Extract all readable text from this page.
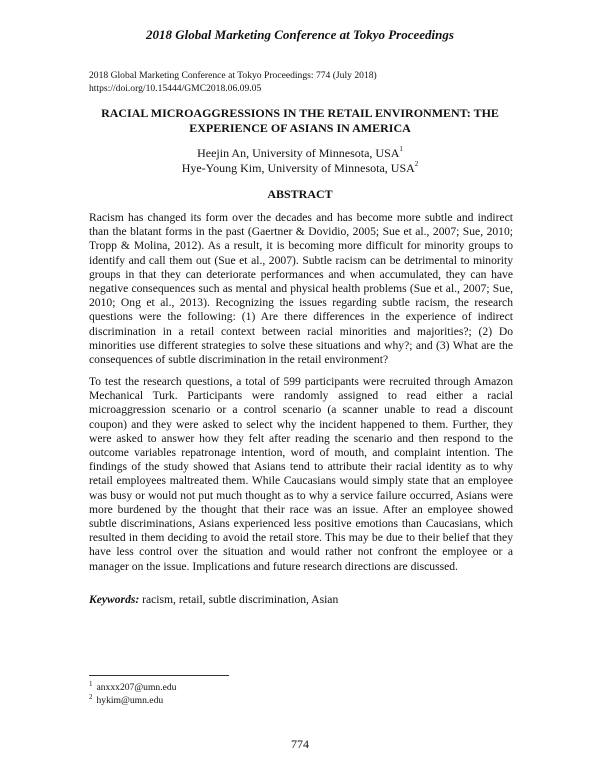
2018 Global Marketing Conference at Tokyo Proceedings
2018 Global Marketing Conference at Tokyo Proceedings: 774 (July 2018)
https://doi.org/10.15444/GMC2018.06.09.05
RACIAL MICROAGGRESSIONS IN THE RETAIL ENVIRONMENT: THE
EXPERIENCE OF ASIANS IN AMERICA
Heejin An, University of Minnesota, USA$^1$
Hye-Young Kim, University of Minnesota, USA$^2$
ABSTRACT
Racism has changed its form over the decades and has become more subtle and indirect than the blatant forms in the past (Gaertner & Dovidio, 2005; Sue et al., 2007; Sue, 2010; Tropp & Molina, 2012). As a result, it is becoming more difficult for minority groups to identify and call them out (Sue et al., 2007). Subtle racism can be detrimental to minority groups in that they can deteriorate performances and when accumulated, they can have negative consequences such as mental and physical health problems (Sue et al., 2007; Sue, 2010; Ong et al., 2013). Recognizing the issues regarding subtle racism, the research questions were the following: (1) Are there differences in the experience of indirect discrimination in a retail context between racial minorities and majorities?; (2) Do minorities use different strategies to solve these situations and why?; and (3) What are the consequences of subtle discrimination in the retail environment?
To test the research questions, a total of 599 participants were recruited through Amazon Mechanical Turk. Participants were randomly assigned to read either a racial microaggression scenario or a control scenario (a scanner unable to read a discount coupon) and they were asked to select why the incident happened to them. Further, they were asked to answer how they felt after reading the scenario and then respond to the outcome variables repatronage intention, word of mouth, and complaint intention. The findings of the study showed that Asians tend to attribute their racial identity as to why retail employees maltreated them. While Caucasians would simply state that an employee was busy or would not put much thought as to why a service failure occurred, Asians were more burdened by the thought that their race was an issue. After an employee showed subtle discriminations, Asians experienced less positive emotions than Caucasians, which resulted in them deciding to avoid the retail store. This may be due to their belief that they have less control over the situation and would rather not confront the employee or a manager on the issue. Implications and future research directions are discussed.
Keywords: racism, retail, subtle discrimination, Asian
$^1$ anxxx207@umn.edu
$^2$ hykim@umn.edu
774
